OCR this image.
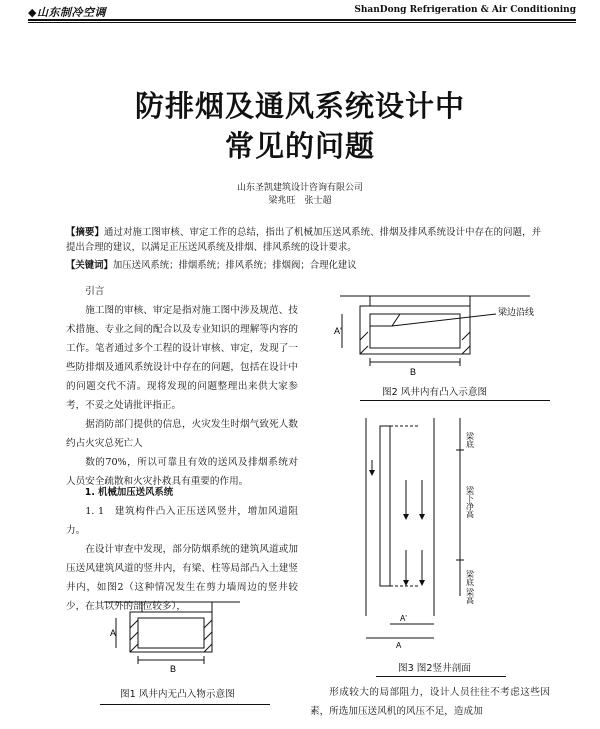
◆山东制冷空调	ShanDong Refrigeration & Air Conditioning
防排烟及通风系统设计中
常见的问题
山东圣凯建筑设计咨询有限公司
梁兆旺　张士超
【摘要】通过对施工图审核、审定工作的总结，指出了机械加压送风系统、排烟及排风系统设计中存在的问题，并提出合理的建议，以满足正压送风系统及排烟、排风系统的设计要求。
【关键词】加压送风系统；排烟系统；排风系统；排烟阀；合理化建议

引言

施工图的审核、审定是指对施工图中涉及规范、技术措施、专业之间的配合以及专业知识的理解等内容的工作。笔者通过多个工程的设计审核、审定，发现了一些防排烟及通风系统设计中存在的问题，包括在设计中的问题交代不清。现将发现的问题整理出来供大家参考，不妥之处请批评指正。

据消防部门提供的信息，火灾发生时烟气致死人数约占火灾总死亡人

数的70%，所以可靠且有效的送风及排烟系统对人员安全疏散和火灾扑救具有重要的作用。

1. 机械加压送风系统

1. 1　建筑构件凸入正压送风竖井，增加风道阻力。

在设计审查中发现，部分防烟系统的建筑风道或加压送风建筑风道的竖井内，有梁、柱等局部凸入土建竖井内，如图2（这种情况发生在剪力墙周边的竖井较少，在其以外的部位较多），

A
B
图1 风井内无凸入物示意图
A'
B
梁边沿线
图2 风井内有凸入示意图
A'
A
梁底
梁下净高
梁底 梁高
图3 图2竖井剖面

形成较大的局部阻力，设计人员往往不考虑这些因素，所选加压送风机的风压不足，造成加
